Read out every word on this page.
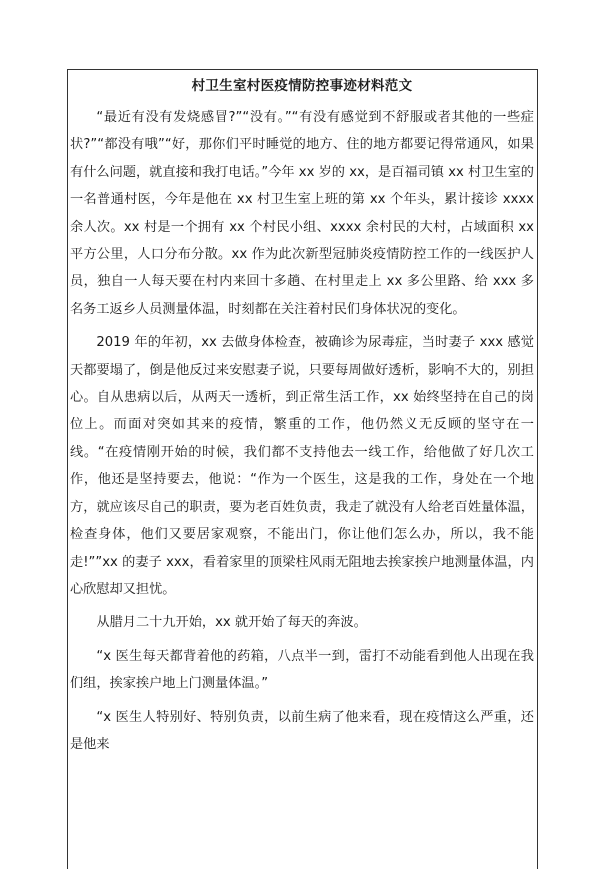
村卫生室村医疫情防控事迹材料范文

“最近有没有发烧感冒?”“没有。”“有没有感觉到不舒服或者其他的一些症状?”“都没有哦”“好，那你们平时睡觉的地方、住的地方都要记得常通风，如果有什么问题，就直接和我打电话。”今年 xx 岁的 xx，是百福司镇 xx 村卫生室的一名普通村医，今年是他在 xx 村卫生室上班的第 xx 个年头，累计接诊 xxxx 余人次。xx 村是一个拥有 xx 个村民小组、xxxx 余村民的大村，占域面积 xx 平方公里，人口分布分散。xx 作为此次新型冠肺炎疫情防控工作的一线医护人员，独自一人每天要在村内来回十多趟、在村里走上 xx 多公里路、给 xxx 多名务工返乡人员测量体温，时刻都在关注着村民们身体状况的变化。

2019 年的年初，xx 去做身体检查，被确诊为尿毒症，当时妻子 xxx 感觉天都要塌了，倒是他反过来安慰妻子说，只要每周做好透析，影响不大的，别担心。自从患病以后，从两天一透析，到正常生活工作，xx 始终坚持在自己的岗位上。而面对突如其来的疫情，繁重的工作，他仍然义无反顾的坚守在一线。“在疫情刚开始的时候，我们都不支持他去一线工作，给他做了好几次工作，他还是坚持要去，他说：“作为一个医生，这是我的工作，身处在一个地方，就应该尽自己的职责，要为老百姓负责，我走了就没有人给老百姓量体温，检查身体，他们又要居家观察，不能出门，你让他们怎么办，所以，我不能走!””xx 的妻子 xxx，看着家里的顶梁柱风雨无阻地去挨家挨户地测量体温，内心欣慰却又担忧。

从腊月二十九开始，xx 就开始了每天的奔波。

“x 医生每天都背着他的药箱，八点半一到，雷打不动能看到他人出现在我们组，挨家挨户地上门测量体温。”

“x 医生人特别好、特别负责，以前生病了他来看，现在疫情这么严重，还是他来
